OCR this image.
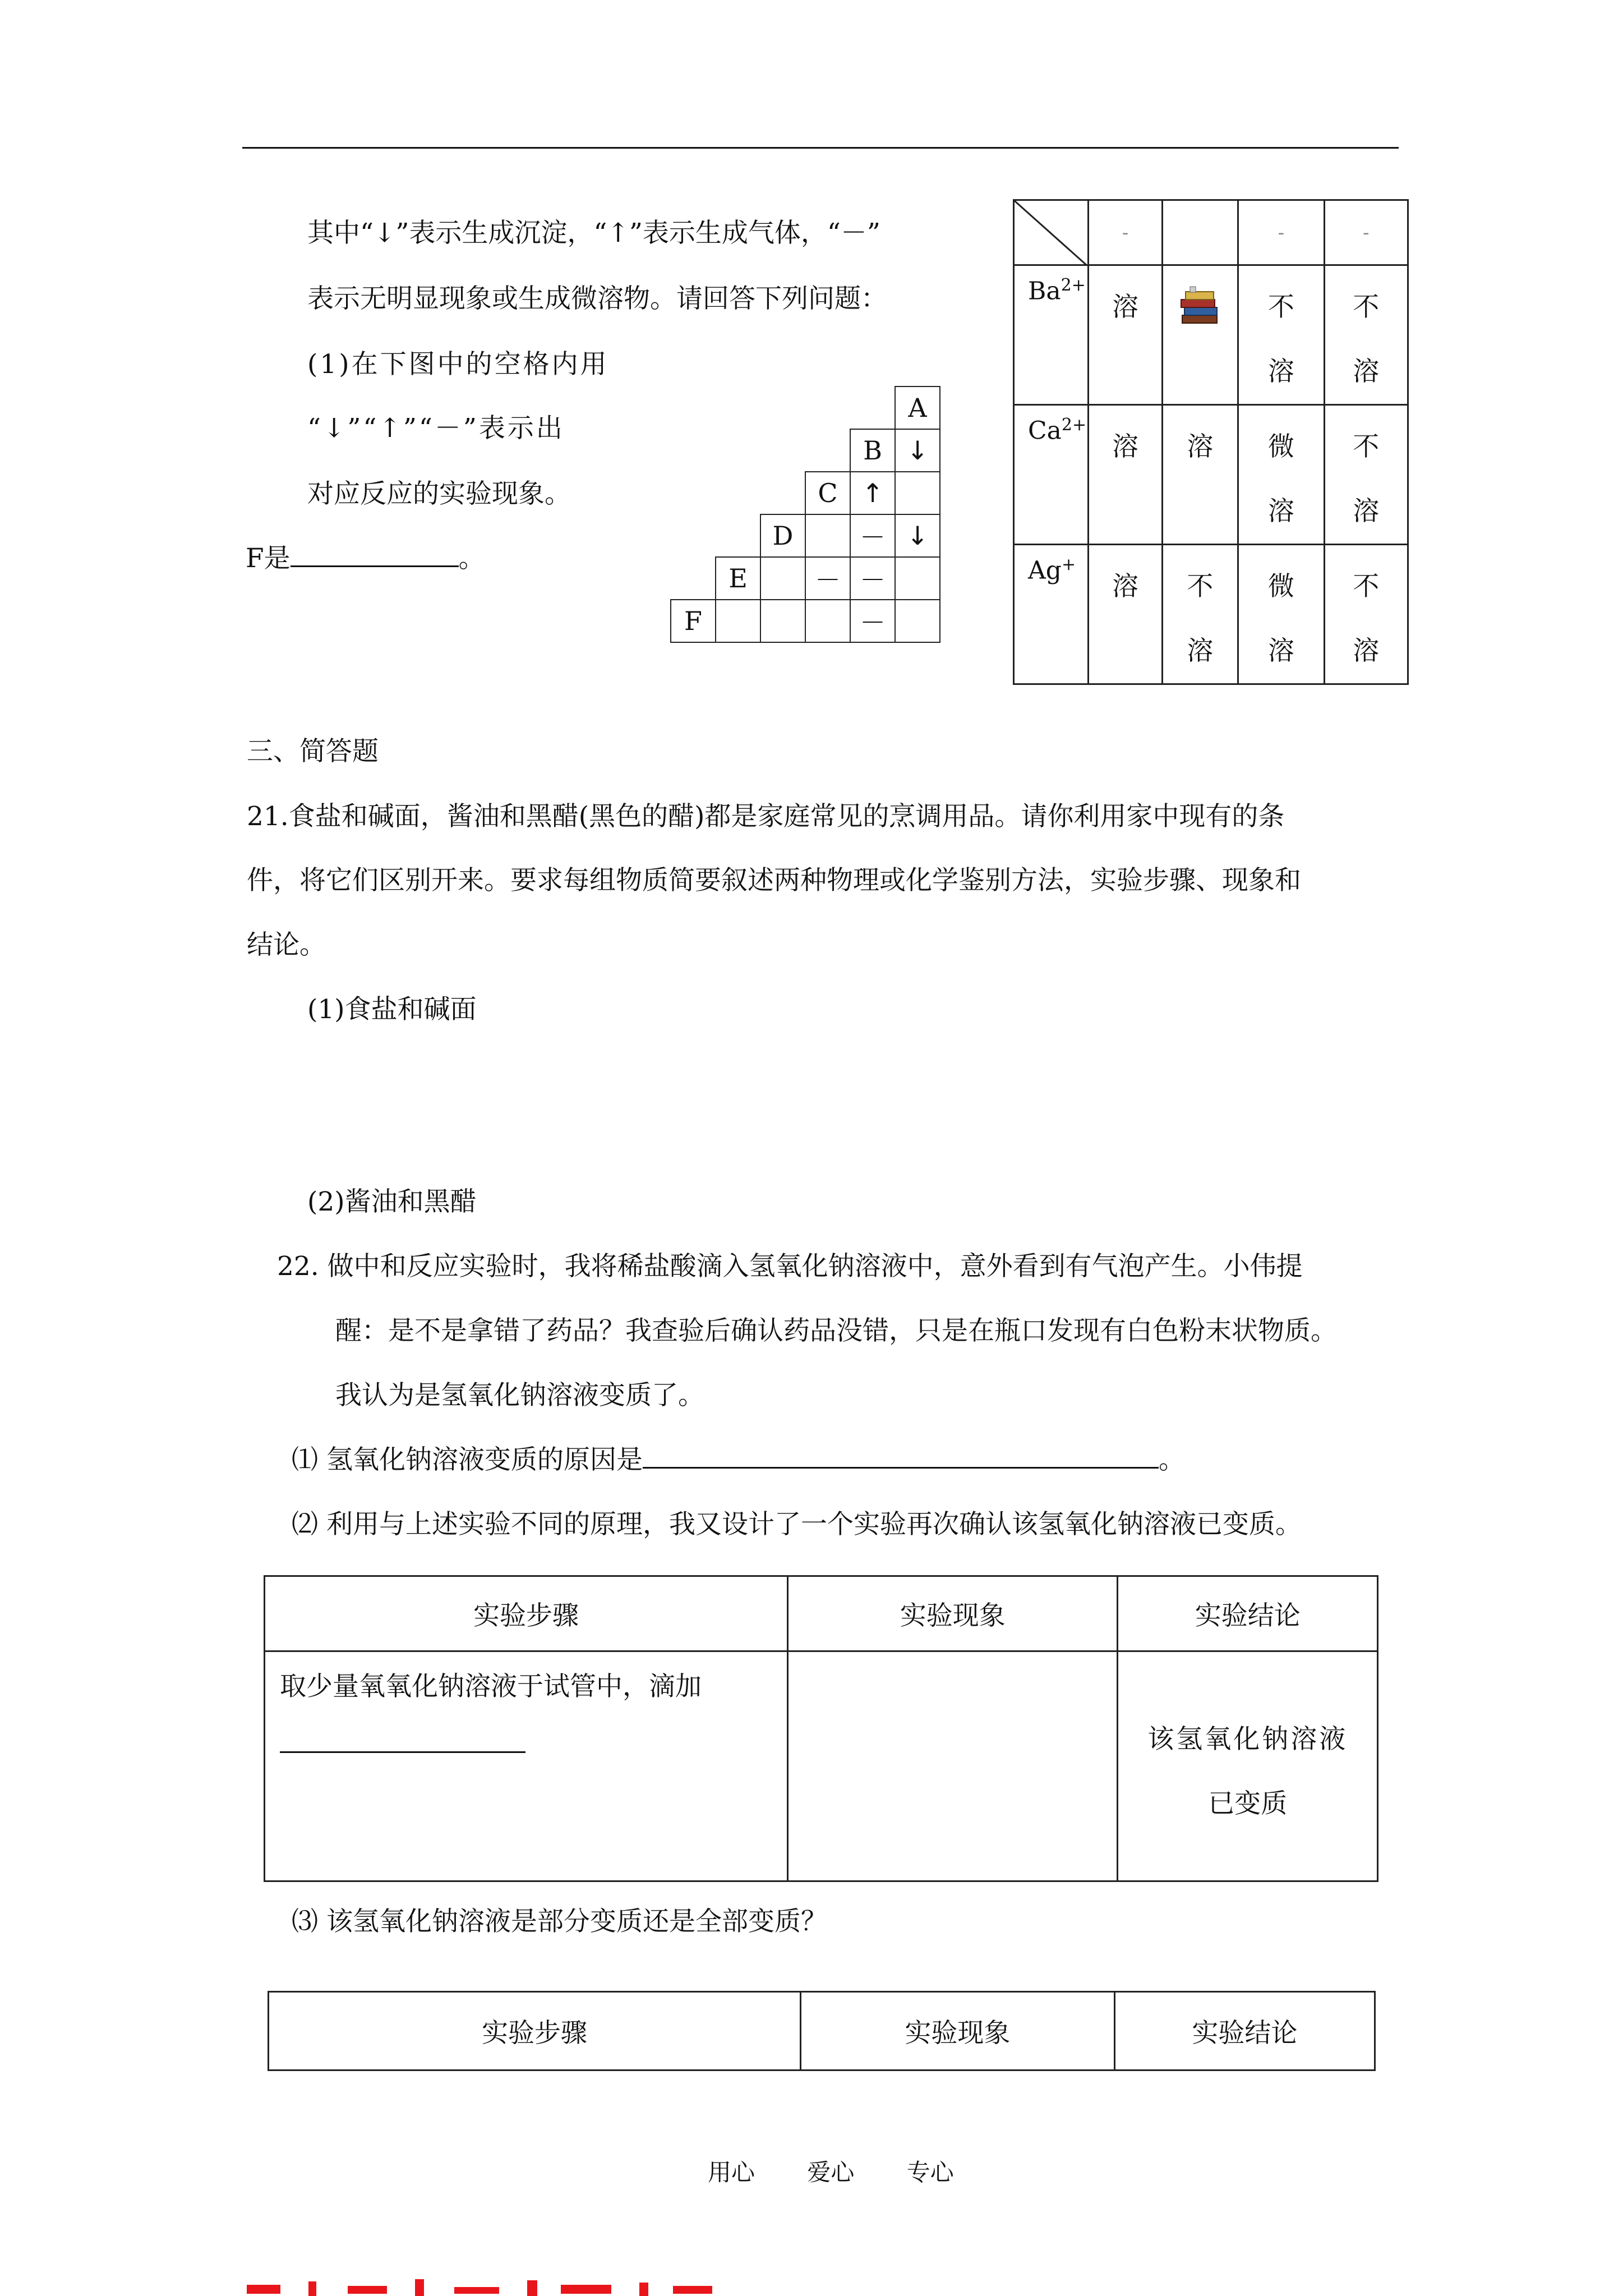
其中“↓”表示生成沉淀，“↑”表示生成气体，“－”
表示无明显现象或生成微溶物。请回答下列问题：
(1)在下图中的空格内用
“↓”“↑”“－”表示出
对应反应的实验现象。
F是	。
					A
				B	↓
			C	↑	
		D		－	↓
	E		－	－	
F				－	
	-		-	-
$Ba^{2+}$	溶		不溶	不溶
$Ca^{2+}$	溶	溶	微溶	不溶
Ag+	溶	不溶	微溶	不溶
三、简答题
21.食盐和碱面，酱油和黑醋(黑色的醋)都是家庭常见的烹调用品。请你利用家中现有的条
件，将它们区别开来。要求每组物质简要叙述两种物理或化学鉴别方法，实验步骤、现象和
结论。
(1)食盐和碱面
(2)酱油和黑醋
22. 做中和反应实验时，我将稀盐酸滴入氢氧化钠溶液中，意外看到有气泡产生。小伟提
醒：是不是拿错了药品？我查验后确认药品没错，只是在瓶口发现有白色粉末状物质。
我认为是氢氧化钠溶液变质了。
⑴ 氢氧化钠溶液变质的原因是	。
⑵ 利用与上述实验不同的原理，我又设计了一个实验再次确认该氢氧化钠溶液已变质。
实验步骤	实验现象	实验结论

取少量氧氧化钠溶液于试管中，滴加		该氢氧化钠溶液
已变质
⑶ 该氢氧化钠溶液是部分变质还是全部变质？
实验步骤	实验现象	实验结论
用心 爱心 专心
